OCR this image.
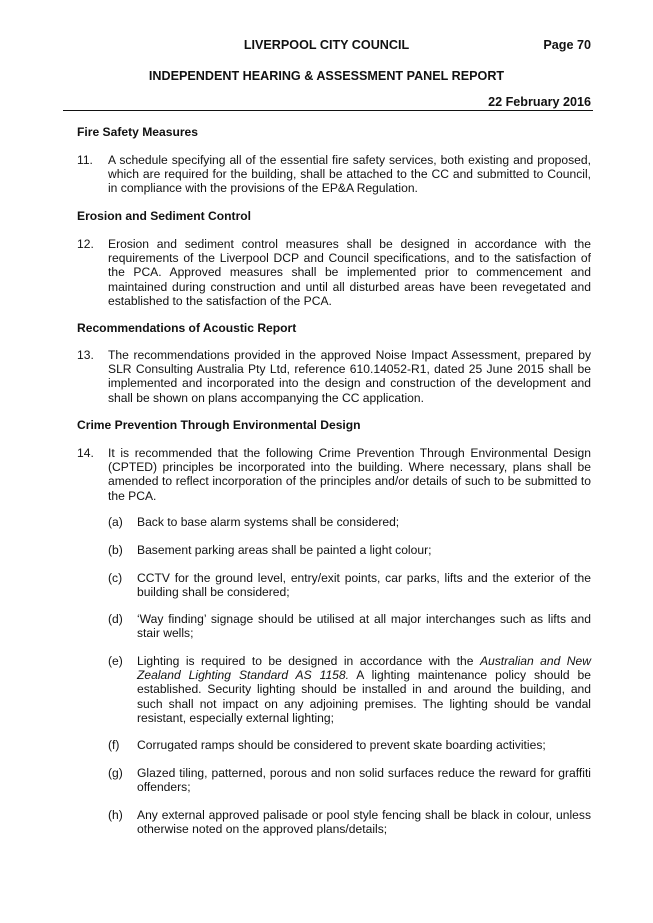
LIVERPOOL CITY COUNCIL	Page 70
INDEPENDENT HEARING & ASSESSMENT PANEL REPORT
22 February 2016
Fire Safety Measures
11. A schedule specifying all of the essential fire safety services, both existing and proposed, which are required for the building, shall be attached to the CC and submitted to Council, in compliance with the provisions of the EP&A Regulation.

Erosion and Sediment Control
12. Erosion and sediment control measures shall be designed in accordance with the requirements of the Liverpool DCP and Council specifications, and to the satisfaction of the PCA. Approved measures shall be implemented prior to commencement and maintained during construction and until all disturbed areas have been revegetated and established to the satisfaction of the PCA.

Recommendations of Acoustic Report
13. The recommendations provided in the approved Noise Impact Assessment, prepared by SLR Consulting Australia Pty Ltd, reference 610.14052-R1, dated 25 June 2015 shall be implemented and incorporated into the design and construction of the development and shall be shown on plans accompanying the CC application.

Crime Prevention Through Environmental Design
14. It is recommended that the following Crime Prevention Through Environmental Design (CPTED) principles be incorporated into the building. Where necessary, plans shall be amended to reflect incorporation of the principles and/or details of such to be submitted to the PCA.

(a) Back to base alarm systems shall be considered;

(b) Basement parking areas shall be painted a light colour;

(c) CCTV for the ground level, entry/exit points, car parks, lifts and the exterior of the building shall be considered;

(d) ‘Way finding’ signage should be utilised at all major interchanges such as lifts and stair wells;

(e) Lighting is required to be designed in accordance with the Australian and New Zealand Lighting Standard AS 1158. A lighting maintenance policy should be established. Security lighting should be installed in and around the building, and such shall not impact on any adjoining premises. The lighting should be vandal resistant, especially external lighting;

(f) Corrugated ramps should be considered to prevent skate boarding activities;

(g) Glazed tiling, patterned, porous and non solid surfaces reduce the reward for graffiti offenders;

(h) Any external approved palisade or pool style fencing shall be black in colour, unless otherwise noted on the approved plans/details;
